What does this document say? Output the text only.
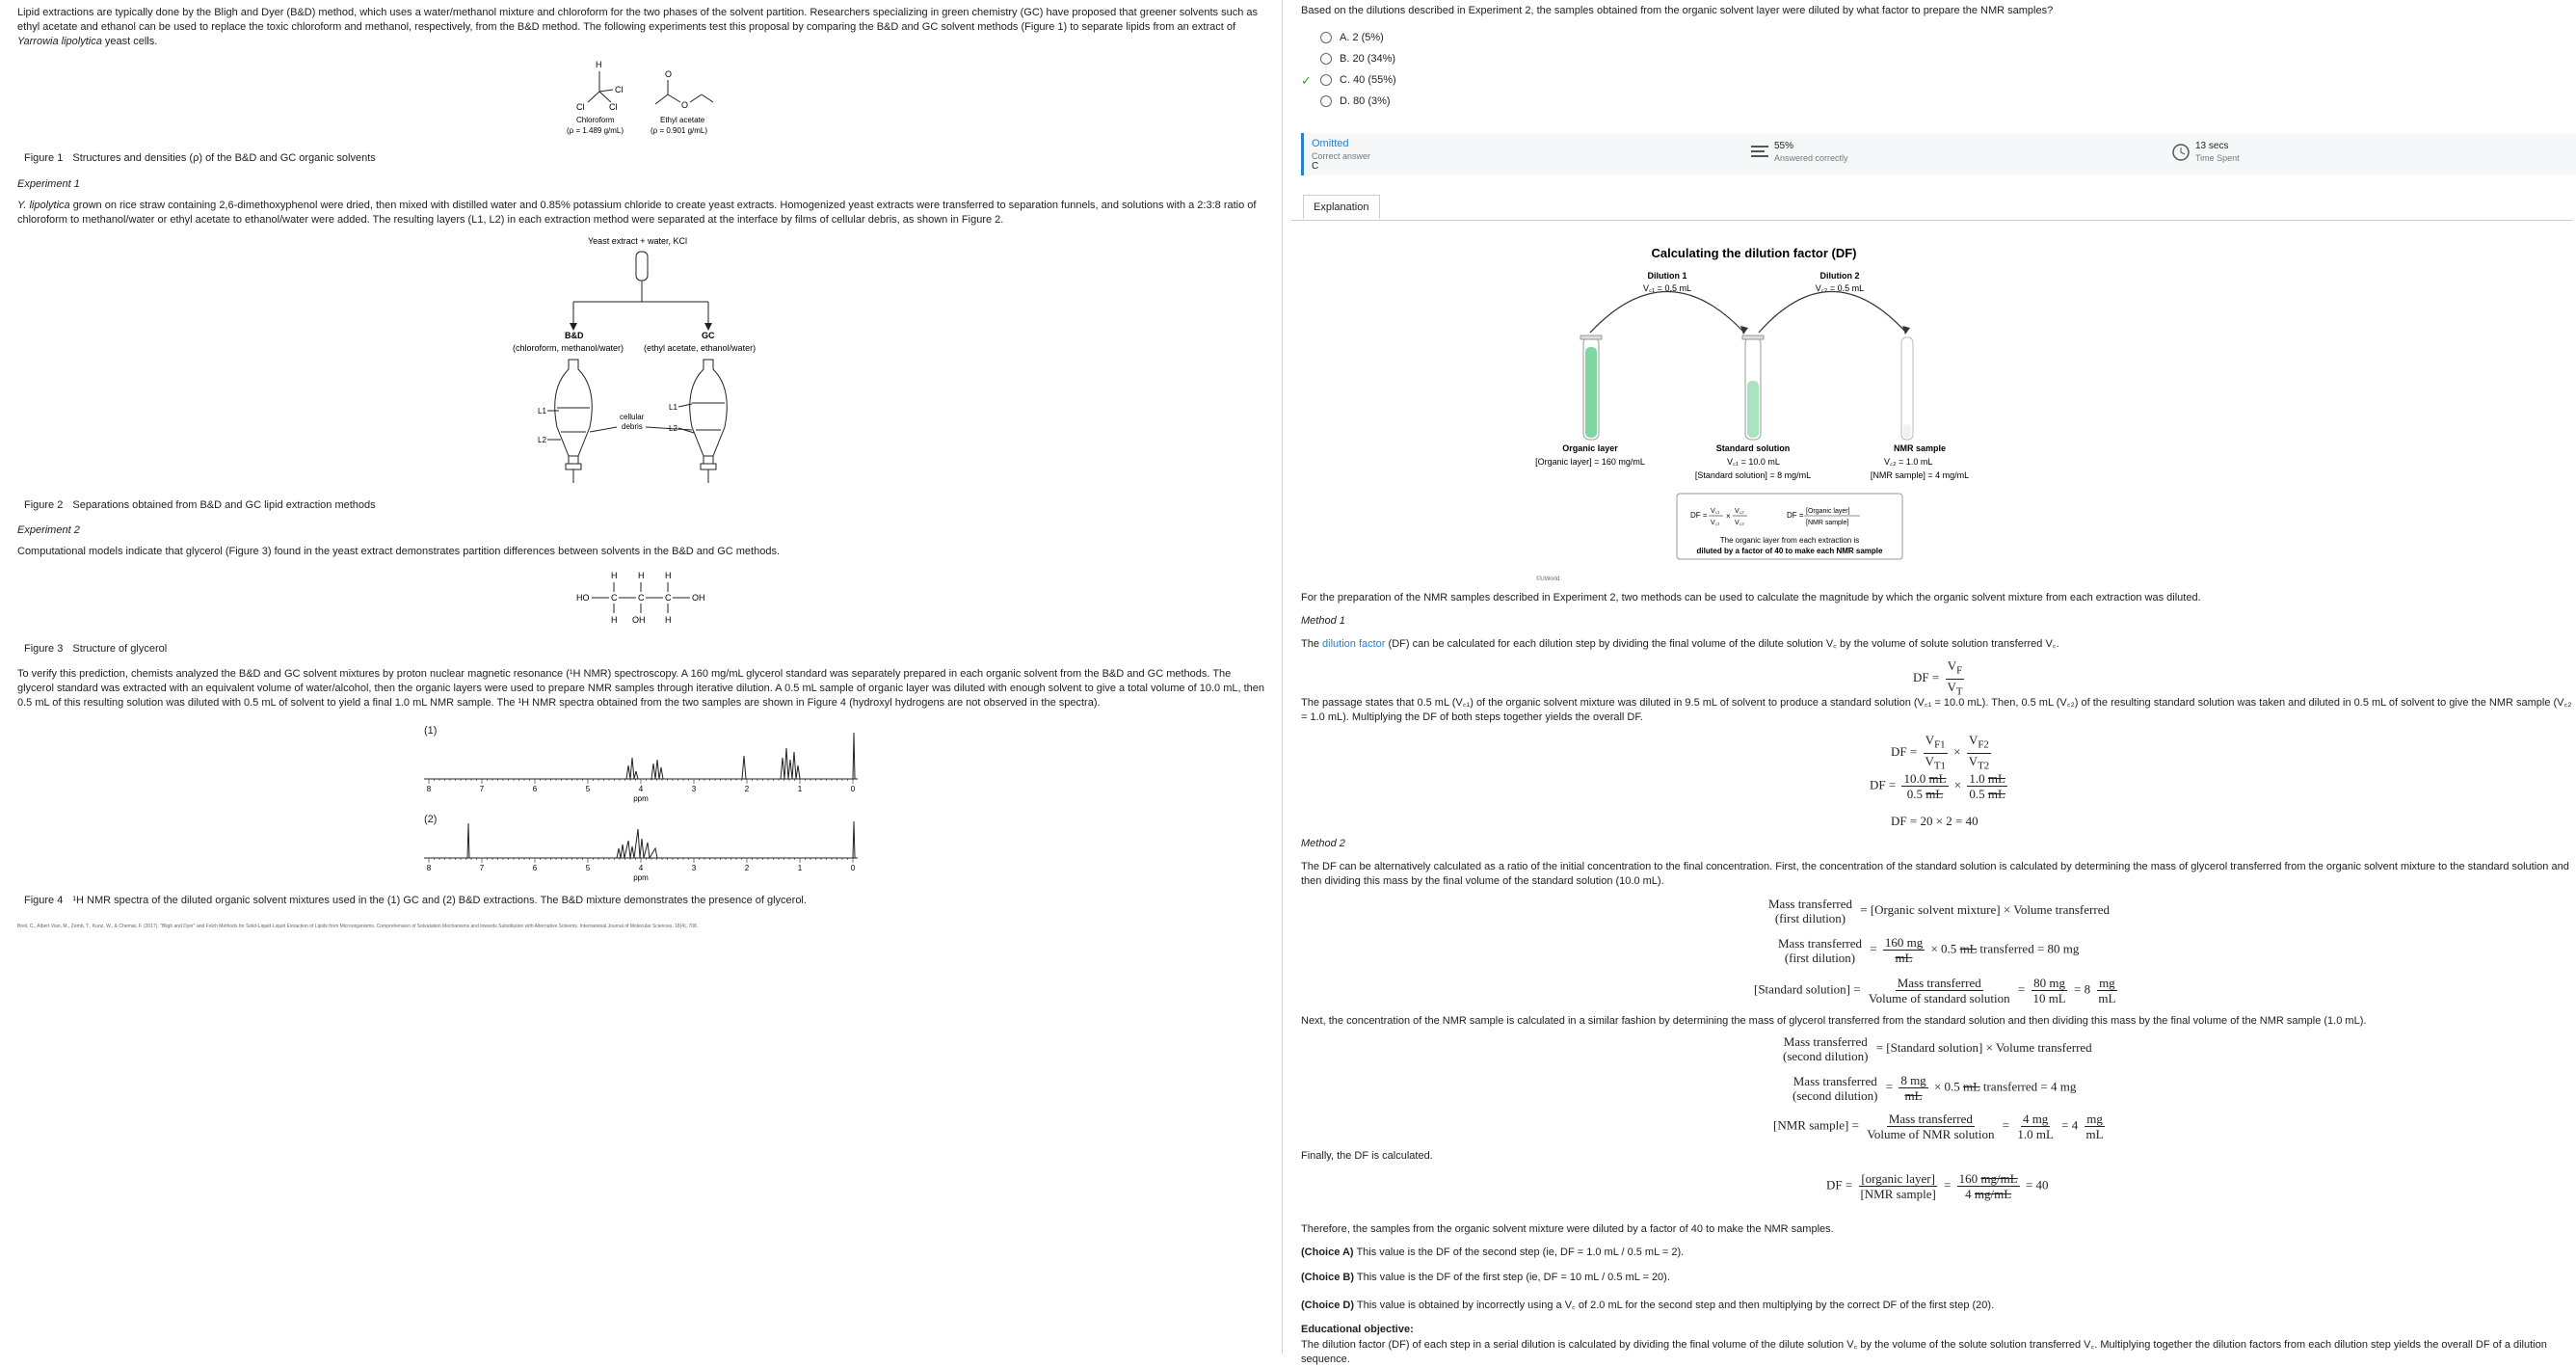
Lipid extractions are typically done by the Bligh and Dyer (B&D) method, which uses a water/methanol mixture and chloroform for the two phases of the solvent partition. Researchers specializing in green chemistry (GC) have proposed that greener solvents such as ethyl acetate and ethanol can be used to replace the toxic chloroform and methanol, respectively, from the B&D method. The following experiments test this proposal by comparing the B&D and GC solvent methods (Figure 1) to separate lipids from an extract of Yarrowia lipolytica yeast cells.

H
Cl
Cl	Cl
O
O
Chloroform
(ρ = 1.489 g/mL)
Ethyl acetate
(ρ = 0.901 g/mL)
Figure 1 Structures and densities (ρ) of the B&D and GC organic solvents

Experiment 1

Y. lipolytica grown on rice straw containing 2,6-dimethoxyphenol were dried, then mixed with distilled water and 0.85% potassium chloride to create yeast extracts. Homogenized yeast extracts were transferred to separation funnels, and solutions with a 2:3:8 ratio of chloroform to methanol/water or ethyl acetate to ethanol/water were added. The resulting layers (L1, L2) in each extraction method were separated at the interface by films of cellular debris, as shown in Figure 2.

Yeast extract + water, KCl
B&D
(chloroform, methanol/water)
GC
(ethyl acetate, ethanol/water)
L1
L2
cellular
debris
L1
L2
Figure 2 Separations obtained from B&D and GC lipid extraction methods

Experiment 2

Computational models indicate that glycerol (Figure 3) found in the yeast extract demonstrates partition differences between solvents in the B&D and GC methods.

H H H
HO	C C C OH
H OH H
Figure 3 Structure of glycerol

To verify this prediction, chemists analyzed the B&D and GC solvent mixtures by proton nuclear magnetic resonance (¹H NMR) spectroscopy. A 160 mg/mL glycerol standard was separately prepared in each organic solvent from the B&D and GC methods. The glycerol standard was extracted with an equivalent volume of water/alcohol, then the organic layers were used to prepare NMR samples through iterative dilution. A 0.5 mL sample of organic layer was diluted with enough solvent to give a total volume of 10.0 mL, then 0.5 mL of this resulting solution was diluted with 0.5 mL of solvent to yield a final 1.0 mL NMR sample. The ¹H NMR spectra obtained from the two samples are shown in Figure 4 (hydroxyl hydrogens are not observed in the spectra).

(1)
8	7	6	5	4	3	2	1	0
ppm
(2)
8	7	6	5	4	3	2	1	0
ppm
Figure 4 ¹H NMR spectra of the diluted organic solvent mixtures used in the (1) GC and (2) B&D extractions. The B&D mixture demonstrates the presence of glycerol.
Breil, C., Albert Vian, M., Zemb, T., Kunz, W., & Chemat, F. (2017). "Bligh and Dyer" and Folch Methods for Solid-Liquid-Liquid Extraction of Lipids from Microorganisms. Comprehension of Solvatation Mechanisms and towards Substitution with Alternative Solvents. International Journal of Molecular Sciences, 18(4), 708.

Based on the dilutions described in Experiment 2, the samples obtained from the organic solvent layer were diluted by what factor to prepare the NMR samples?

A. 2 (5%)
B. 20 (34%)
✓	C. 40 (55%)
D. 80 (3%)
Omitted
Correct answer
C
55%
Answered correctly
13 secs
Time Spent
Explanation
Calculating the dilution factor (DF)
Dilution 1
V꜀₁ = 0.5 mL
Dilution 2
V꜀₂ = 0.5 mL
Organic layer
[Organic layer] = 160 mg/mL
Standard solution
V꜀₁ = 10.0 mL
[Standard solution] = 8 mg/mL
NMR sample
V꜀₂ = 1.0 mL
[NMR sample] = 4 mg/mL
DF = V꜀₁
V꜀₁
×
V꜀₂
V꜀₂
DF = [Organic layer]
[NMR sample]
The organic layer from each extraction is
diluted by a factor of 40 to make each NMR sample
©UWorld

For the preparation of the NMR samples described in Experiment 2, two methods can be used to calculate the magnitude by which the organic solvent mixture from each extraction was diluted.

Method 1

The dilution factor (DF) can be calculated for each dilution step by dividing the final volume of the dilute solution V꜀ by the volume of solute solution transferred V꜀.

DF = $\frac{V_F}{V_T}$

The passage states that 0.5 mL (V꜀₁) of the organic solvent mixture was diluted in 9.5 mL of solvent to produce a standard solution (V꜀₁ = 10.0 mL). Then, 0.5 mL (V꜀₂) of the resulting standard solution was taken and diluted in 0.5 mL of solvent to give the NMR sample (V꜀₂ = 1.0 mL). Multiplying the DF of both steps together yields the overall DF.

DF = $\frac{V_{F1}}{V_{T1}} \times \frac{V_{F2}}{V_{T2}}$
DF = $\frac{10.0 mL}{0.5 mL} \times \frac{1.0 mL}{0.5 mL}$
DF = 20 × 2 = 40

Method 2

The DF can be alternatively calculated as a ratio of the initial concentration to the final concentration. First, the concentration of the standard solution is calculated by determining the mass of glycerol transferred from the organic solvent mixture to the standard solution and then dividing this mass by the final volume of the standard solution (10.0 mL).

Mass transferred
(first dilution)
= [Organic solvent mixture] × Volume transferred
Mass transferred
(first dilution)
= $\frac{160 mg}{mL} \times 0.5$ mL transferred = 80 mg
[Standard solution] = $\frac{\text{Mass transferred}}{\text{Volume of standard solution}} = \frac{80 mg}{10 mL} = 8 \frac{mg}{mL}$

Next, the concentration of the NMR sample is calculated in a similar fashion by determining the mass of glycerol transferred from the standard solution and then dividing this mass by the final volume of the NMR sample (1.0 mL).

Mass transferred
(second dilution)
= [Standard solution] × Volume transferred
Mass transferred
(second dilution)
= $\frac{8 mg}{mL} \times 0.5$ mL transferred = 4 mg
[NMR sample] = $\frac{\text{Mass transferred}}{\text{Volume of NMR solution}} = \frac{4 mg}{1.0 mL} = 4 \frac{mg}{mL}$

Finally, the DF is calculated.

DF = $\frac{\text{[organic layer]}}{\text{[NMR sample]}} = \frac{160 mg/mL}{4 mg/mL} = 40$

Therefore, the samples from the organic solvent mixture were diluted by a factor of 40 to make the NMR samples.

(Choice A) This value is the DF of the second step (ie, DF = 1.0 mL / 0.5 mL = 2).

(Choice B) This value is the DF of the first step (ie, DF = 10 mL / 0.5 mL = 20).

(Choice D) This value is obtained by incorrectly using a V꜀ of 2.0 mL for the second step and then multiplying by the correct DF of the first step (20).

Educational objective:

The dilution factor (DF) of each step in a serial dilution is calculated by dividing the final volume of the dilute solution V꜀ by the volume of the solute solution transferred V꜀. Multiplying together the dilution factors from each dilution step yields the overall DF of a dilution sequence.
